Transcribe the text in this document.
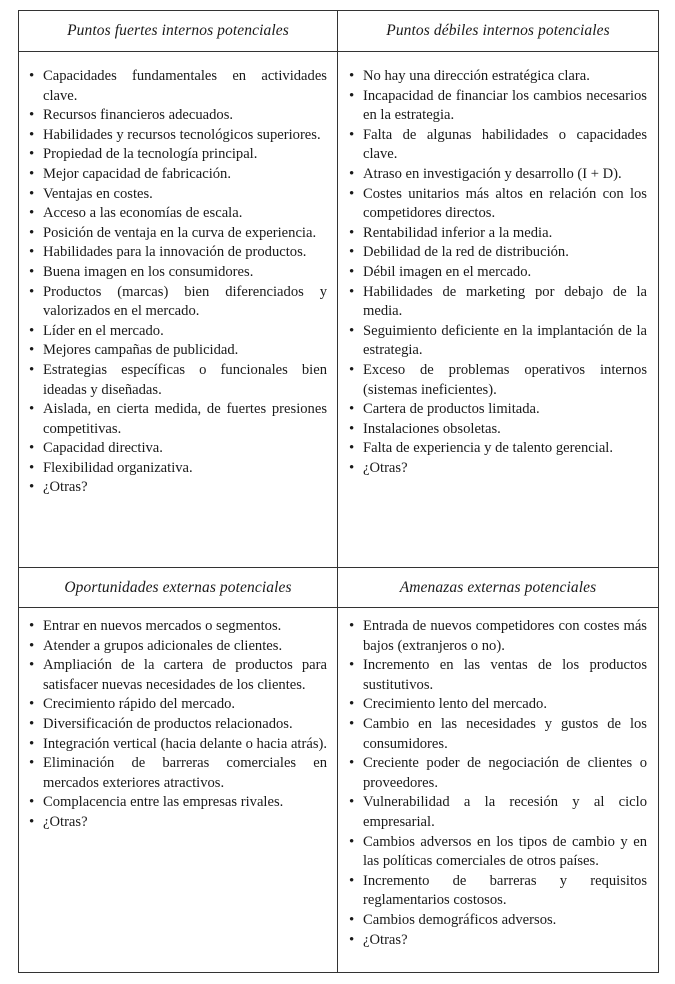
Puntos fuertes internos potenciales	Puntos débiles internos potenciales
Oportunidades externas potenciales	Amenazas externas potenciales
• Capacidades fundamentales en actividades clave.
• Recursos financieros adecuados.
• Habilidades y recursos tecnológicos superiores.
• Propiedad de la tecnología principal.
• Mejor capacidad de fabricación.
• Ventajas en costes.
• Acceso a las economías de escala.
• Posición de ventaja en la curva de experiencia.
• Habilidades para la innovación de productos.
• Buena imagen en los consumidores.
• Productos (marcas) bien diferenciados y valorizados en el mercado.
• Líder en el mercado.
• Mejores campañas de publicidad.
• Estrategias específicas o funcionales bien ideadas y diseñadas.
• Aislada, en cierta medida, de fuertes presiones competitivas.
• Capacidad directiva.
• Flexibilidad organizativa.
• ¿Otras?
• No hay una dirección estratégica clara.
• Incapacidad de financiar los cambios necesarios en la estrategia.
• Falta de algunas habilidades o capacidades clave.
• Atraso en investigación y desarrollo (I + D).
• Costes unitarios más altos en relación con los competidores directos.
• Rentabilidad inferior a la media.
• Debilidad de la red de distribución.
• Débil imagen en el mercado.
• Habilidades de marketing por debajo de la media.
• Seguimiento deficiente en la implantación de la estrategia.
• Exceso de problemas operativos internos (sistemas ineficientes).
• Cartera de productos limitada.
• Instalaciones obsoletas.
• Falta de experiencia y de talento gerencial.
• ¿Otras?
• Entrar en nuevos mercados o segmentos.
• Atender a grupos adicionales de clientes.
• Ampliación de la cartera de productos para satisfacer nuevas necesidades de los clientes.
• Crecimiento rápido del mercado.
• Diversificación de productos relacionados.
• Integración vertical (hacia delante o hacia atrás).
• Eliminación de barreras comerciales en mercados exteriores atractivos.
• Complacencia entre las empresas rivales.
• ¿Otras?
• Entrada de nuevos competidores con costes más bajos (extranjeros o no).
• Incremento en las ventas de los productos sustitutivos.
• Crecimiento lento del mercado.
• Cambio en las necesidades y gustos de los consumidores.
• Creciente poder de negociación de clientes o proveedores.
• Vulnerabilidad a la recesión y al ciclo empresarial.
• Cambios adversos en los tipos de cambio y en las políticas comerciales de otros países.
• Incremento de barreras y requisitos reglamentarios costosos.
• Cambios demográficos adversos.
• ¿Otras?
